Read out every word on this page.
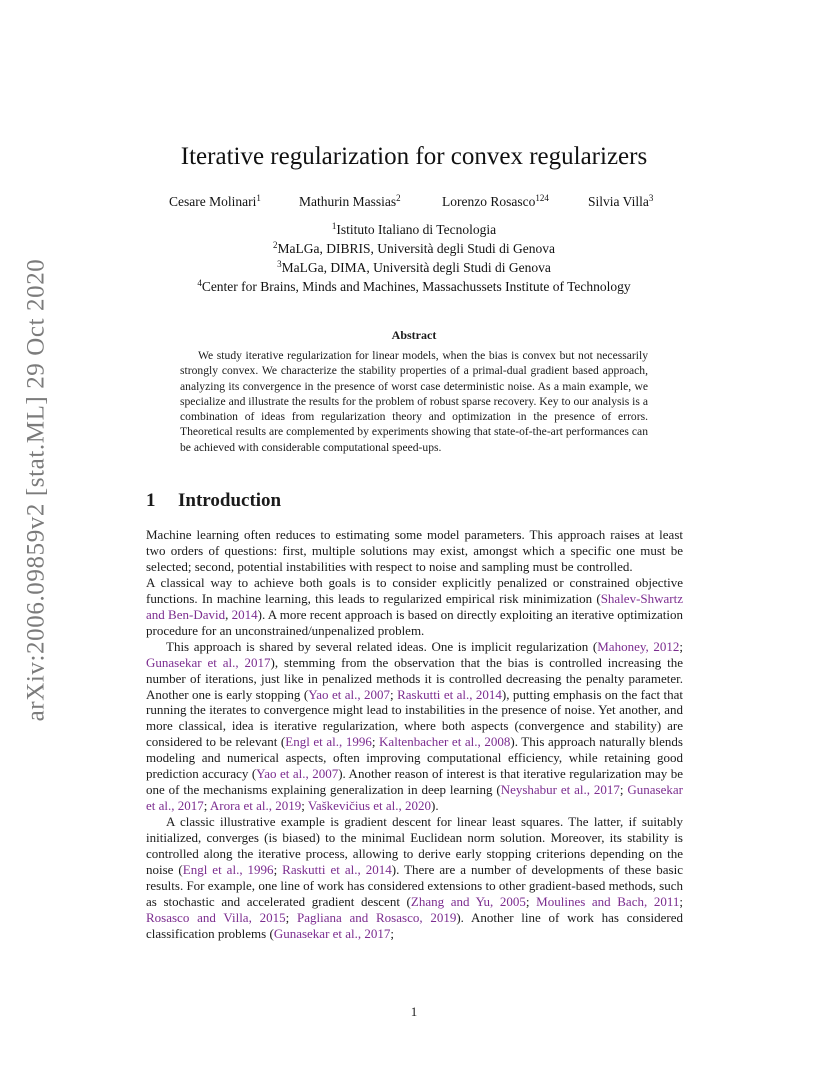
arXiv:2006.09859v2 [stat.ML] 29 Oct 2020
Iterative regularization for convex regularizers
Cesare Molinari$^1$	Mathurin Massias$^2$	Lorenzo Rosasco$^{124}$	Silvia Villa$^3$
$^1$Istituto Italiano di Tecnologia
$^2$MaLGa, DIBRIS, Università degli Studi di Genova
$^3$MaLGa, DIMA, Università degli Studi di Genova
$^4$Center for Brains, Minds and Machines, Massachussets Institute of Technology
Abstract

We study iterative regularization for linear models, when the bias is convex but not necessarily strongly convex. We characterize the stability properties of a primal-dual gradient based approach, analyzing its convergence in the presence of worst case deterministic noise. As a main example, we specialize and illustrate the results for the problem of robust sparse recovery. Key to our analysis is a combination of ideas from regularization theory and optimization in the presence of errors. Theoretical results are complemented by experiments showing that state-of-the-art performances can be achieved with considerable computational speed-ups.

1 Introduction

Machine learning often reduces to estimating some model parameters. This approach raises at least two orders of questions: first, multiple solutions may exist, amongst which a specific one must be selected; second, potential instabilities with respect to noise and sampling must be controlled.

A classical way to achieve both goals is to consider explicitly penalized or constrained objective functions. In machine learning, this leads to regularized empirical risk minimization (Shalev-Shwartz and Ben-David, 2014). A more recent approach is based on directly exploiting an iterative optimization procedure for an unconstrained/unpenalized problem.

This approach is shared by several related ideas. One is implicit regularization (Mahoney, 2012; Gunasekar et al., 2017), stemming from the observation that the bias is controlled increasing the number of iterations, just like in penalized methods it is controlled decreasing the penalty parameter. Another one is early stopping (Yao et al., 2007; Raskutti et al., 2014), putting emphasis on the fact that running the iterates to convergence might lead to instabilities in the presence of noise. Yet another, and more classical, idea is iterative regularization, where both aspects (convergence and stability) are considered to be relevant (Engl et al., 1996; Kaltenbacher et al., 2008). This approach naturally blends modeling and numerical aspects, often improving computational efficiency, while retaining good prediction accuracy (Yao et al., 2007). Another reason of interest is that iterative regularization may be one of the mechanisms explaining generalization in deep learning (Neyshabur et al., 2017; Gunasekar et al., 2017; Arora et al., 2019; Vaškevičius et al., 2020).

A classic illustrative example is gradient descent for linear least squares. The latter, if suitably initialized, converges (is biased) to the minimal Euclidean norm solution. Moreover, its stability is controlled along the iterative process, allowing to derive early stopping criterions depending on the noise (Engl et al., 1996; Raskutti et al., 2014). There are a number of developments of these basic results. For example, one line of work has considered extensions to other gradient-based methods, such as stochastic and accelerated gradient descent (Zhang and Yu, 2005; Moulines and Bach, 2011; Rosasco and Villa, 2015; Pagliana and Rosasco, 2019). Another line of work has considered classification problems (Gunasekar et al., 2017;

1
